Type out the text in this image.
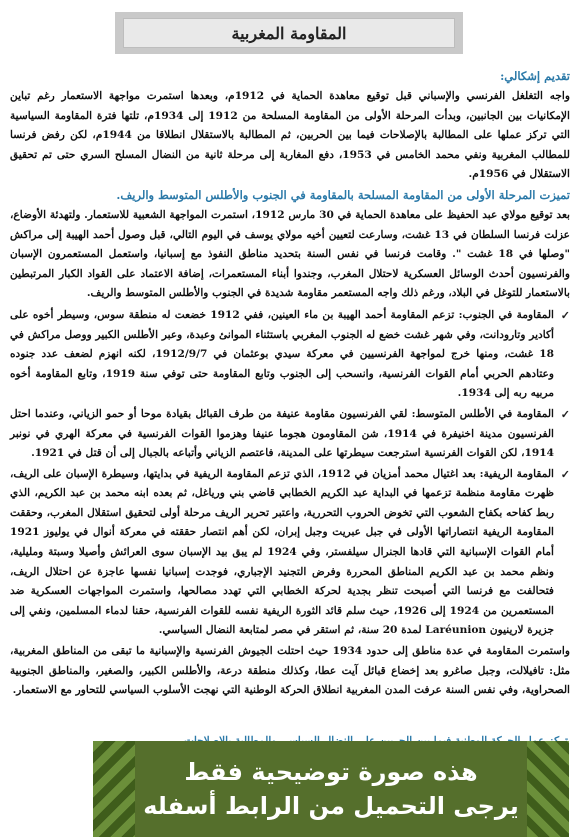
المقاومة المغربية
تقديم إشكالي:

واجه التغلغل الفرنسي والإسباني قبل توقيع معاهدة الحماية في 1912م، وبعدها استمرت مواجهة الاستعمار رغم تباين الإمكانيات بين الجانبين، وبدأت المرحلة الأولى من المقاومة المسلحة من 1912 إلى 1934م، تلتها فترة المقاومة السياسية التي تركز عملها على المطالبة بالإصلاحات فيما بين الحربين، ثم المطالبة بالاستقلال انطلاقا من 1944م، لكن رفض فرنسا للمطالب المغربية ونفي محمد الخامس في 1953، دفع المغاربة إلى مرحلة ثانية من النضال المسلح السري حتى تم تحقيق الاستقلال في 1956م.

تميزت المرحلة الأولى من المقاومة المسلحة بالمقاومة في الجنوب والأطلس المتوسط والريف.

بعد توقيع مولاي عبد الحفيظ على معاهدة الحماية في 30 مارس 1912، استمرت المواجهة الشعبية للاستعمار. ولتهدئة الأوضاع، عزلت فرنسا السلطان في 13 غشت، وسارعت لتعيين أخيه مولاي يوسف في اليوم التالي، قبل وصول أحمد الهيبة إلى مراكش "وصلها في 18 غشت ". وقامت فرنسا في نفس السنة بتحديد مناطق النفوذ مع إسبانيا، واستعمل المستعمرون الإسبان والفرنسيون أحدث الوسائل العسكرية لاحتلال المغرب، وجندوا أبناء المستعمرات، إضافة الاعتماد على القواد الكبار المرتبطين بالاستعمار للتوغل في البلاد، ورغم ذلك واجه المستعمر مقاومة شديدة في الجنوب والأطلس المتوسط والريف.

✓
المقاومة في الجنوب: تزعم المقاومة أحمد الهيبة بن ماء العينين، ففي 1912 خضعت له منطقة سوس، وسيطر أخوه على أكادير وتارودانت، وفي شهر غشت خضع له الجنوب المغربي باستثناء الموانئ وعبدة، وعبر الأطلس الكبير ووصل مراكش في 18 غشت، ومنها خرج لمواجهة الفرنسيين في معركة سيدي بوعثمان في 1912/9/7، لكنه انهزم لضعف عدد جنوده وعتادهم الحربي أمام القوات الفرنسية، وانسحب إلى الجنوب وتابع المقاومة حتى توفي سنة 1919، وتابع المقاومة أخوه مربيه ربه إلى 1934.
✓
المقاومة في الأطلس المتوسط: لقي الفرنسيون مقاومة عنيفة من طرف القبائل بقيادة موحا أو حمو الزياني، وعندما احتل الفرنسيون مدينة اخنيفرة في 1914، شن المقاومون هجوما عنيفا وهزموا القوات الفرنسية في معركة الهري في نونبر 1914، لكن القوات الفرنسية استرجعت سيطرتها على المدينة، فاعتصم الزياني وأتباعه بالجبال إلى أن قتل في 1921.
✓
المقاومة الريفية: بعد اغتيال محمد أمزيان في 1912، الذي تزعم المقاومة الريفية في بدايتها، وسيطرة الإسبان على الريف، ظهرت مقاومة منظمة تزعمها في البداية عبد الكريم الخطابي قاضي بني ورياغل، ثم بعده ابنه محمد بن عبد الكريم، الذي ربط كفاحه بكفاح الشعوب التي تخوض الحروب التحررية، واعتبر تحرير الريف مرحلة أولى لتحقيق استقلال المغرب، وحققت المقاومة الريفية انتصاراتها الأولى في جبل عبريت وجبل إبران، لكن أهم انتصار حققته في معركة أنوال في يوليوز 1921 أمام القوات الإسبانية التي قادها الجنرال سيلفستر، وفي 1924 لم يبق بيد الإسبان سوى العرائش وأصيلا وسبتة ومليلية، ونظم محمد بن عبد الكريم المناطق المحررة وفرض التجنيد الإجباري، فوجدت إسبانيا نفسها عاجزة عن احتلال الريف، فتحالفت مع فرنسا التي أصبحت تنظر بجدية لحركة الخطابي التي تهدد مصالحها، واستمرت المواجهات العسكرية ضد المستعمرين من 1924 إلى 1926، حيث سلم قائد الثورة الريفية نفسه للقوات الفرنسية، حقنا لدماء المسلمين، ونفي إلى جزيرة لارينيون Laréunion لمدة 20 سنة، ثم استقر في مصر لمتابعة النضال السياسي.

واستمرت المقاومة في عدة مناطق إلى حدود 1934 حيث احتلت الجيوش الفرنسية والإسبانية ما تبقى من المناطق المغربية، مثل: تافيلالت، وجبل صاغرو بعد إخضاع قبائل آيت عطا، وكذلك منطقة درعة، والأطلس الكبير، والصغير، والمناطق الجنوبية الصحراوية، وفي نفس السنة عرفت المدن المغربية انطلاق الحركة الوطنية التي نهجت الأسلوب السياسي للتحاور مع الاستعمار.

هذه صورة توضيحية فقط
يرجى التحميل من الرابط أسفله
